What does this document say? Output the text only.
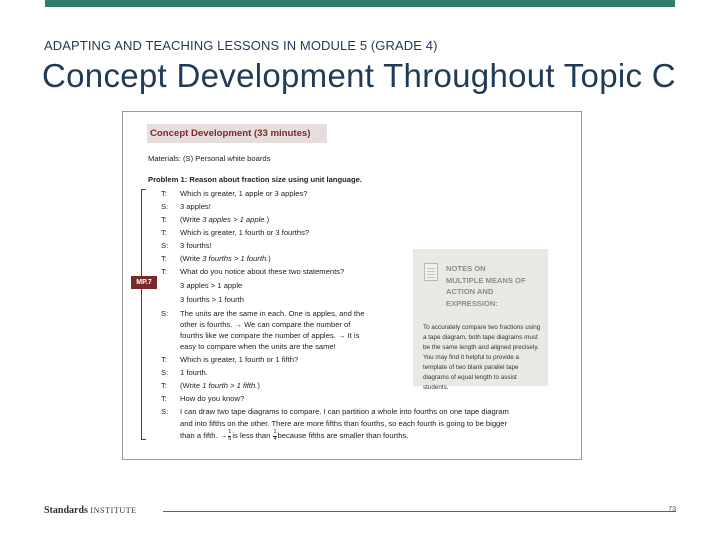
ADAPTING AND TEACHING LESSONS IN MODULE 5 (GRADE 4)
Concept Development Throughout Topic C
Concept Development (33 minutes)
Materials: (S) Personal white boards
Problem 1: Reason about fraction size using unit language.
MP.7
T: Which is greater, 1 apple or 3 apples?
S:3 apples!
T: (Write 3 apples > 1 apple.)
T: Which is greater, 1 fourth or 3 fourths?
S: 3 fourths!
T: (Write 3 fourths > 1 fourth.)
T: What do you notice about these two statements?
3 apples > 1 apple
3 fourths > 1 fourth
S: The units are the same in each. One is apples, and the
other is fourths. → We can compare the number of
fourths like we compare the number of apples. → It is
easy to compare when the units are the same!
T: Which is greater, 1 fourth or 1 fifth?
S: 1 fourth.
T: (Write 1 fourth > 1 fifth.)
T: How do you know?
S: I can draw two tape diagrams to compare. I can partition a whole into fourths on one tape diagram
and into fifths on the other. There are more fifths than fourths, so each fourth is going to be bigger
than a fifth. → $\frac{1}{5}$ is less than $\frac{1}{4}$ because fifths are smaller than fourths.
NOTES ON
MULTIPLE MEANS OF
ACTION AND
EXPRESSION:
To accurately compare two fractions using a tape diagram, both tape diagrams must be the same length and aligned precisely. You may find it helpful to provide a template of two blank parallel tape diagrams of equal length to assist students.
Standards INSTITUTE	73
